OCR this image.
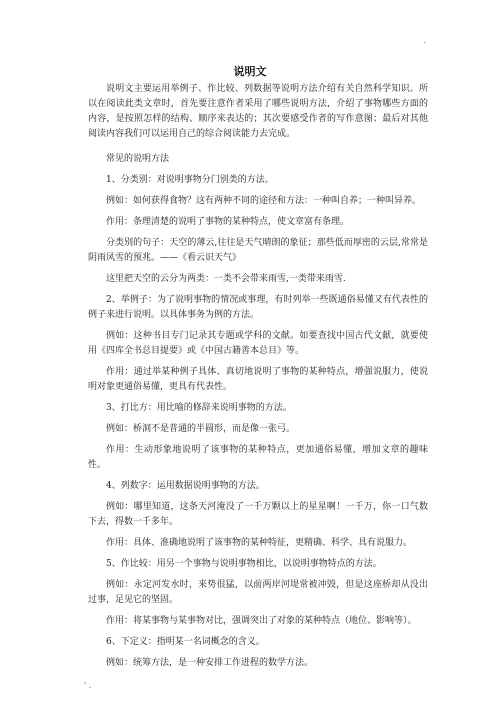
.
说明文

说明文主要运用举例子、作比较、列数据等说明方法介绍有关自然科学知识。所以在阅读此类文章时，首先要注意作者采用了哪些说明方法，介绍了事物哪些方面的内容，是按照怎样的结构、顺序来表达的；其次要感受作者的写作意图；最后对其他阅读内容我们可以运用自己的综合阅读能力去完成。

常见的说明方法

1、分类别：对说明事物分门别类的方法。

例如：如何获得食物？这有两种不同的途径和方法：一种叫自养；一种叫异养。

作用：条理清楚的说明了事物的某种特点，使文章富有条理。

分类别的句子：天空的薄云,往往是天气晴朗的象征；那些低而厚密的云层,常常是阴雨风雪的预兆。——《看云识天气》

这里把天空的云分为两类：一类不会带来雨雪,一类带来雨雪.

2、举例子：为了说明事物的情况或事理，有时列举一些既通俗易懂又有代表性的例子来进行说明。以具体事务为例的方法。

例如：这种书目专门记录其专题或学科的文献。如要查找中国古代文献，就要使用《四库全书总目提要》或《中国古籍善本总目》等。

作用：通过举某种例子具体、真切地说明了事物的某种特点，增强说服力，使说明对象更通俗易懂，更具有代表性。

3、打比方：用比喻的修辞来说明事物的方法。

例如：桥洞不是普通的半圆形，而是像一张弓。

作用：生动形象地说明了该事物的某种特点，更加通俗易懂，增加文章的趣味性。

4、列数字：运用数据说明事物的方法。

例如：哪里知道，这条天河淹没了一千万颗以上的星星啊！一千万，你一口气数下去，得数一千多年。

作用：具体、准确地说明了该事物的某种特征，更精确、科学、具有说服力。

5、作比较：用另一个事物与说明事物相比，以说明事物特点的方法。

例如：永定河发水时，来势很猛，以前两岸河堤常被冲毁，但是这座桥却从没出过事，足见它的坚固。

作用：将某事物与某事物对比，强调突出了对象的某种特点（地位、影响等）。

6、下定义：指明某一名词概念的含义。

例如：统筹方法，是一种安排工作进程的数学方法。

' .
